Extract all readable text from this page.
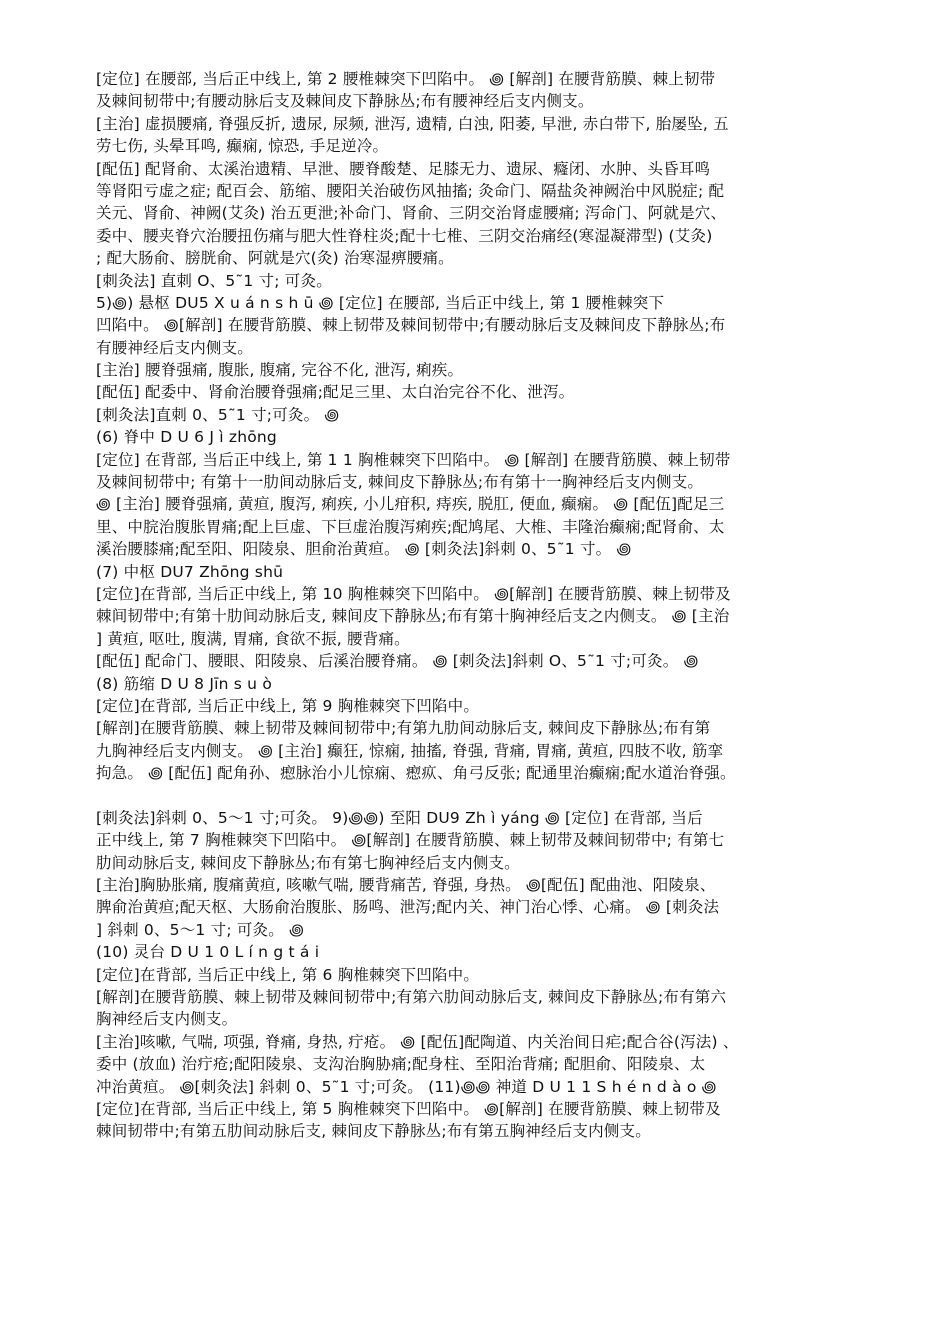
[定位] 在腰部, 当后正中线上, 第 2 腰椎棘突下凹陷中。 ꩜ [解剖] 在腰背筋膜、棘上韧带
及棘间韧带中;有腰动脉后支及棘间皮下静脉丛;布有腰神经后支内侧支。
[主治] 虚损腰痛, 脊强反折, 遗尿, 尿频, 泄泻, 遗精, 白浊, 阳萎, 早泄, 赤白带下, 胎屡坠, 五
劳七伤, 头晕耳鸣, 癫痫, 惊恐, 手足逆冷。
[配伍] 配肾俞、太溪治遗精、早泄、腰脊酸楚、足膝无力、遗尿、癃闭、水肿、头昏耳鸣
等肾阳亏虚之症; 配百会、筋缩、腰阳关治破伤风抽搐; 灸命门、隔盐灸神阙治中风脱症; 配
关元、肾俞、神阙(艾灸) 治五更泄;补命门、肾俞、三阴交治肾虚腰痛; 泻命门、阿就是穴、
委中、腰夹脊穴治腰扭伤痛与肥大性脊柱炎;配十七椎、三阴交治痛经(寒湿凝滞型) (艾灸)
; 配大肠俞、膀胱俞、阿就是穴(灸) 治寒湿痹腰痛。
[刺灸法] 直刺 O、5˜1 寸; 可灸。
5)꩜) 悬枢 DU5 X u á n s h ū ꩜ [定位] 在腰部, 当后正中线上, 第 1 腰椎棘突下
凹陷中。 ꩜[解剖] 在腰背筋膜、棘上韧带及棘间韧带中;有腰动脉后支及棘间皮下静脉丛;布
有腰神经后支内侧支。
[主治] 腰脊强痛, 腹胀, 腹痛, 完谷不化, 泄泻, 痢疾。
[配伍] 配委中、肾俞治腰脊强痛;配足三里、太白治完谷不化、泄泻。
[刺灸法]直刺 0、5˜1 寸;可灸。 ꩜
(6) 脊中 D U 6 J ì zhōng
[定位] 在背部, 当后正中线上, 第 1 1 胸椎棘突下凹陷中。 ꩜ [解剖] 在腰背筋膜、棘上韧带
及棘间韧带中; 有第十一肋间动脉后支, 棘间皮下静脉丛;布有第十一胸神经后支内侧支。
꩜ [主治] 腰脊强痛, 黄疸, 腹泻, 痢疾, 小儿疳积, 痔疾, 脱肛, 便血, 癫痫。 ꩜ [配伍]配足三
里、中脘治腹胀胃痛;配上巨虚、下巨虚治腹泻痢疾;配鸠尾、大椎、丰隆治癫痫;配肾俞、太
溪治腰膝痛;配至阳、阳陵泉、胆俞治黄疸。 ꩜ [刺灸法]斜刺 0、5˜1 寸。 ꩜
(7) 中枢 DU7 Zhōng shū
[定位]在背部, 当后正中线上, 第 10 胸椎棘突下凹陷中。 ꩜[解剖] 在腰背筋膜、棘上韧带及
棘间韧带中;有第十肋间动脉后支, 棘间皮下静脉丛;布有第十胸神经后支之内侧支。 ꩜ [主治
] 黄疸, 呕吐, 腹满, 胃痛, 食欲不振, 腰背痛。
[配伍] 配命门、腰眼、阳陵泉、后溪治腰脊痛。 ꩜ [刺灸法]斜刺 O、5˜1 寸;可灸。 ꩜
(8) 筋缩 D U 8 Jīn s u ò
[定位]在背部, 当后正中线上, 第 9 胸椎棘突下凹陷中。
[解剖]在腰背筋膜、棘上韧带及棘间韧带中;有第九肋间动脉后支, 棘间皮下静脉丛;布有第
九胸神经后支内侧支。 ꩜ [主治] 癫狂, 惊痫, 抽搐, 脊强, 背痛, 胃痛, 黄疸, 四肢不收, 筋挛
拘急。 ꩜ [配伍] 配角孙、瘛脉治小儿惊痫、瘛疭、角弓反张; 配通里治癫痫;配水道治脊强。
[刺灸法]斜刺 0、5～1 寸;可灸。 9)꩜꩜) 至阳 DU9 Zh ì yáng ꩜ [定位] 在背部, 当后
正中线上, 第 7 胸椎棘突下凹陷中。 ꩜[解剖] 在腰背筋膜、棘上韧带及棘间韧带中; 有第七
肋间动脉后支, 棘间皮下静脉丛;布有第七胸神经后支内侧支。
[主治]胸胁胀痛, 腹痛黄疸, 咳嗽气喘, 腰背痛苦, 脊强, 身热。 ꩜[配伍] 配曲池、阳陵泉、
脾俞治黄疸;配天枢、大肠俞治腹胀、肠鸣、泄泻;配内关、神门治心悸、心痛。 ꩜ [刺灸法
] 斜刺 0、5～1 寸; 可灸。 ꩜
(10) 灵台 D U 1 0 L í n g t á i
[定位]在背部, 当后正中线上, 第 6 胸椎棘突下凹陷中。
[解剖]在腰背筋膜、棘上韧带及棘间韧带中;有第六肋间动脉后支, 棘间皮下静脉丛;布有第六
胸神经后支内侧支。
[主治]咳嗽, 气喘, 项强, 脊痛, 身热, 疔疮。 ꩜ [配伍]配陶道、内关治间日疟;配合谷(泻法) 、
委中 (放血) 治疔疮;配阳陵泉、支沟治胸胁痛;配身柱、至阳治背痛; 配胆俞、阳陵泉、太
冲治黄疸。 ꩜[刺灸法] 斜刺 0、5˜1 寸;可灸。 (11)꩜꩜ 神道 D U 1 1 S h é n d à o ꩜
[定位]在背部, 当后正中线上, 第 5 胸椎棘突下凹陷中。 ꩜[解剖] 在腰背筋膜、棘上韧带及
棘间韧带中;有第五肋间动脉后支, 棘间皮下静脉丛;布有第五胸神经后支内侧支。
